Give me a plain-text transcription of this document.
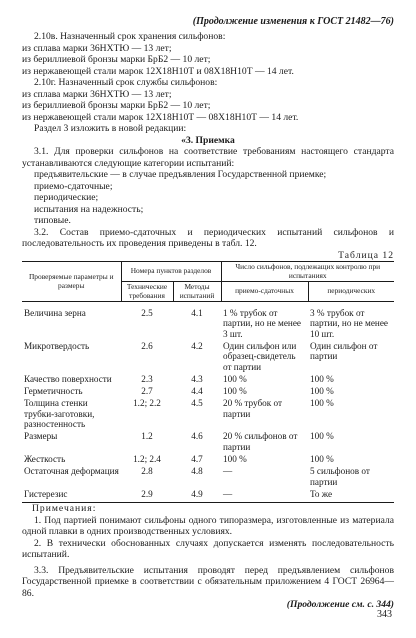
(Продолжение изменения к ГОСТ 21482—76)

2.10в. Назначенный срок хранения сильфонов:

из сплава марки 36НХТЮ — 13 лет;

из бериллиевой бронзы марки БрБ2 — 10 лет;

из нержавеющей стали марок 12Х18Н10Т и 08Х18Н10Т — 14 лет.

2.10г. Назначенный срок службы сильфонов:

из сплава марки 36НХТЮ — 13 лет;

из бериллиевой бронзы марки БрБ2 — 10 лет;

из нержавеющей стали марок 12Х18Н10Т — 08Х18Н10Т — 14 лет.

Раздел 3 изложить в новой редакции:

«3. Приемка

3.1. Для проверки сильфонов на соответствие требованиям настоящего стандарта устанавливаются следующие категории испытаний:

предъявительские — в случае предъявления Государственной приемке;

приемо-сдаточные;

периодические;

испытания на надежность;

типовые.

3.2. Состав приемо-сдаточных и периодических испытаний сильфонов и последовательность их проведения приведены в табл. 12.

Таблица 12

Проверяемые параметры и размеры	Номера пунктов разделов		Число сильфонов, подлежащих контролю при испытаниях	
	Технические требования	Методы испытаний	приемо-сдаточных	периодических
Величина зерна	2.5	4.1	1 % трубок от партии, но не менее 3 шт.	3 % трубок от партии, но не менее 10 шт.
Микротвердость	2.6	4.2	Один сильфон или образец-свидетель от партии	Один сильфон от партии
Качество поверхности	2.3	4.3	100 %	100 %
Герметичность	2.7	4.4	100 %	100 %
Толщина стенки трубки-заготовки, разностенность	1.2; 2.2	4.5	20 % трубок от партии	100 %
Размеры	1.2	4.6	20 % сильфонов от партии	100 %
Жесткость	1.2; 2.4	4.7	100 %	100 %
Остаточная деформация	2.8	4.8	—	5 сильфонов от партии
Гистерезис	2.9	4.9	—	То же

Примечания:

1. Под партией понимают сильфоны одного типоразмера, изготовленные из материала одной плавки в одних производственных условиях.

2. В технически обоснованных случаях допускается изменять последовательность испытаний.

3.3. Предъявительские испытания проводят перед предъявлением сильфонов Государственной приемке в соответствии с обязательным приложением 4 ГОСТ 26964—86.

(Продолжение см. с. 344)

343
